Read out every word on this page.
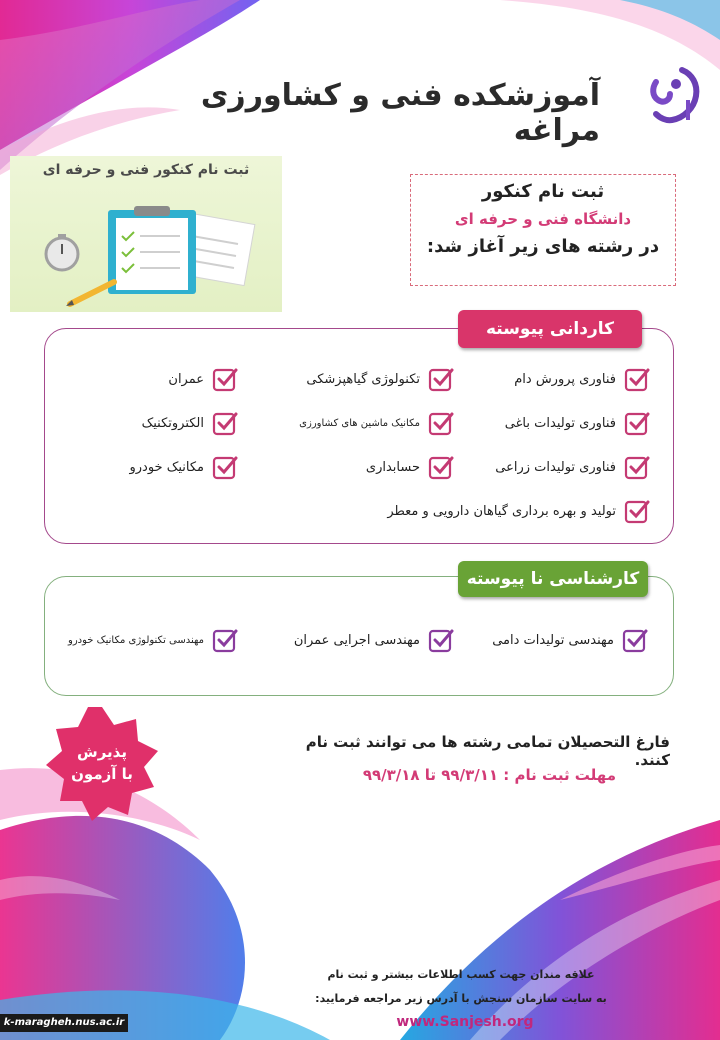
آموزشکده فنی و کشاورزی مراغه
ثبت نام کنکور فنی و حرفه ای
ثبت نام کنکور
دانشگاه فنی و حرفه ای
در رشته های زیر آغاز شد:
کاردانی پیوسته
فناوری پرورش دام
تکنولوژی گیاهپزشکی
عمران
فناوری تولیدات باغی
مکانیک ماشین های کشاورزی
الکتروتکنیک
فناوری تولیدات زراعی
حسابداری
مکانیک خودرو
تولید و بهره برداری گیاهان دارویی و معطر
کارشناسی نا پیوسته
مهندسی تولیدات دامی
مهندسی اجرایی عمران
مهندسی تکنولوژی مکانیک خودرو
پذیرش
با آزمون
فارغ التحصیلان تمامی رشته ها می توانند ثبت نام کنند.
مهلت ثبت نام : ۹۹/۳/۱۱ تا ۹۹/۳/۱۸
علاقه مندان جهت کسب اطلاعات بیشتر و ثبت نام
به سایت سازمان سنجش با آدرس زیر مراجعه فرمایید:
www.Sanjesh.org
k-maragheh.nus.ac.ir
